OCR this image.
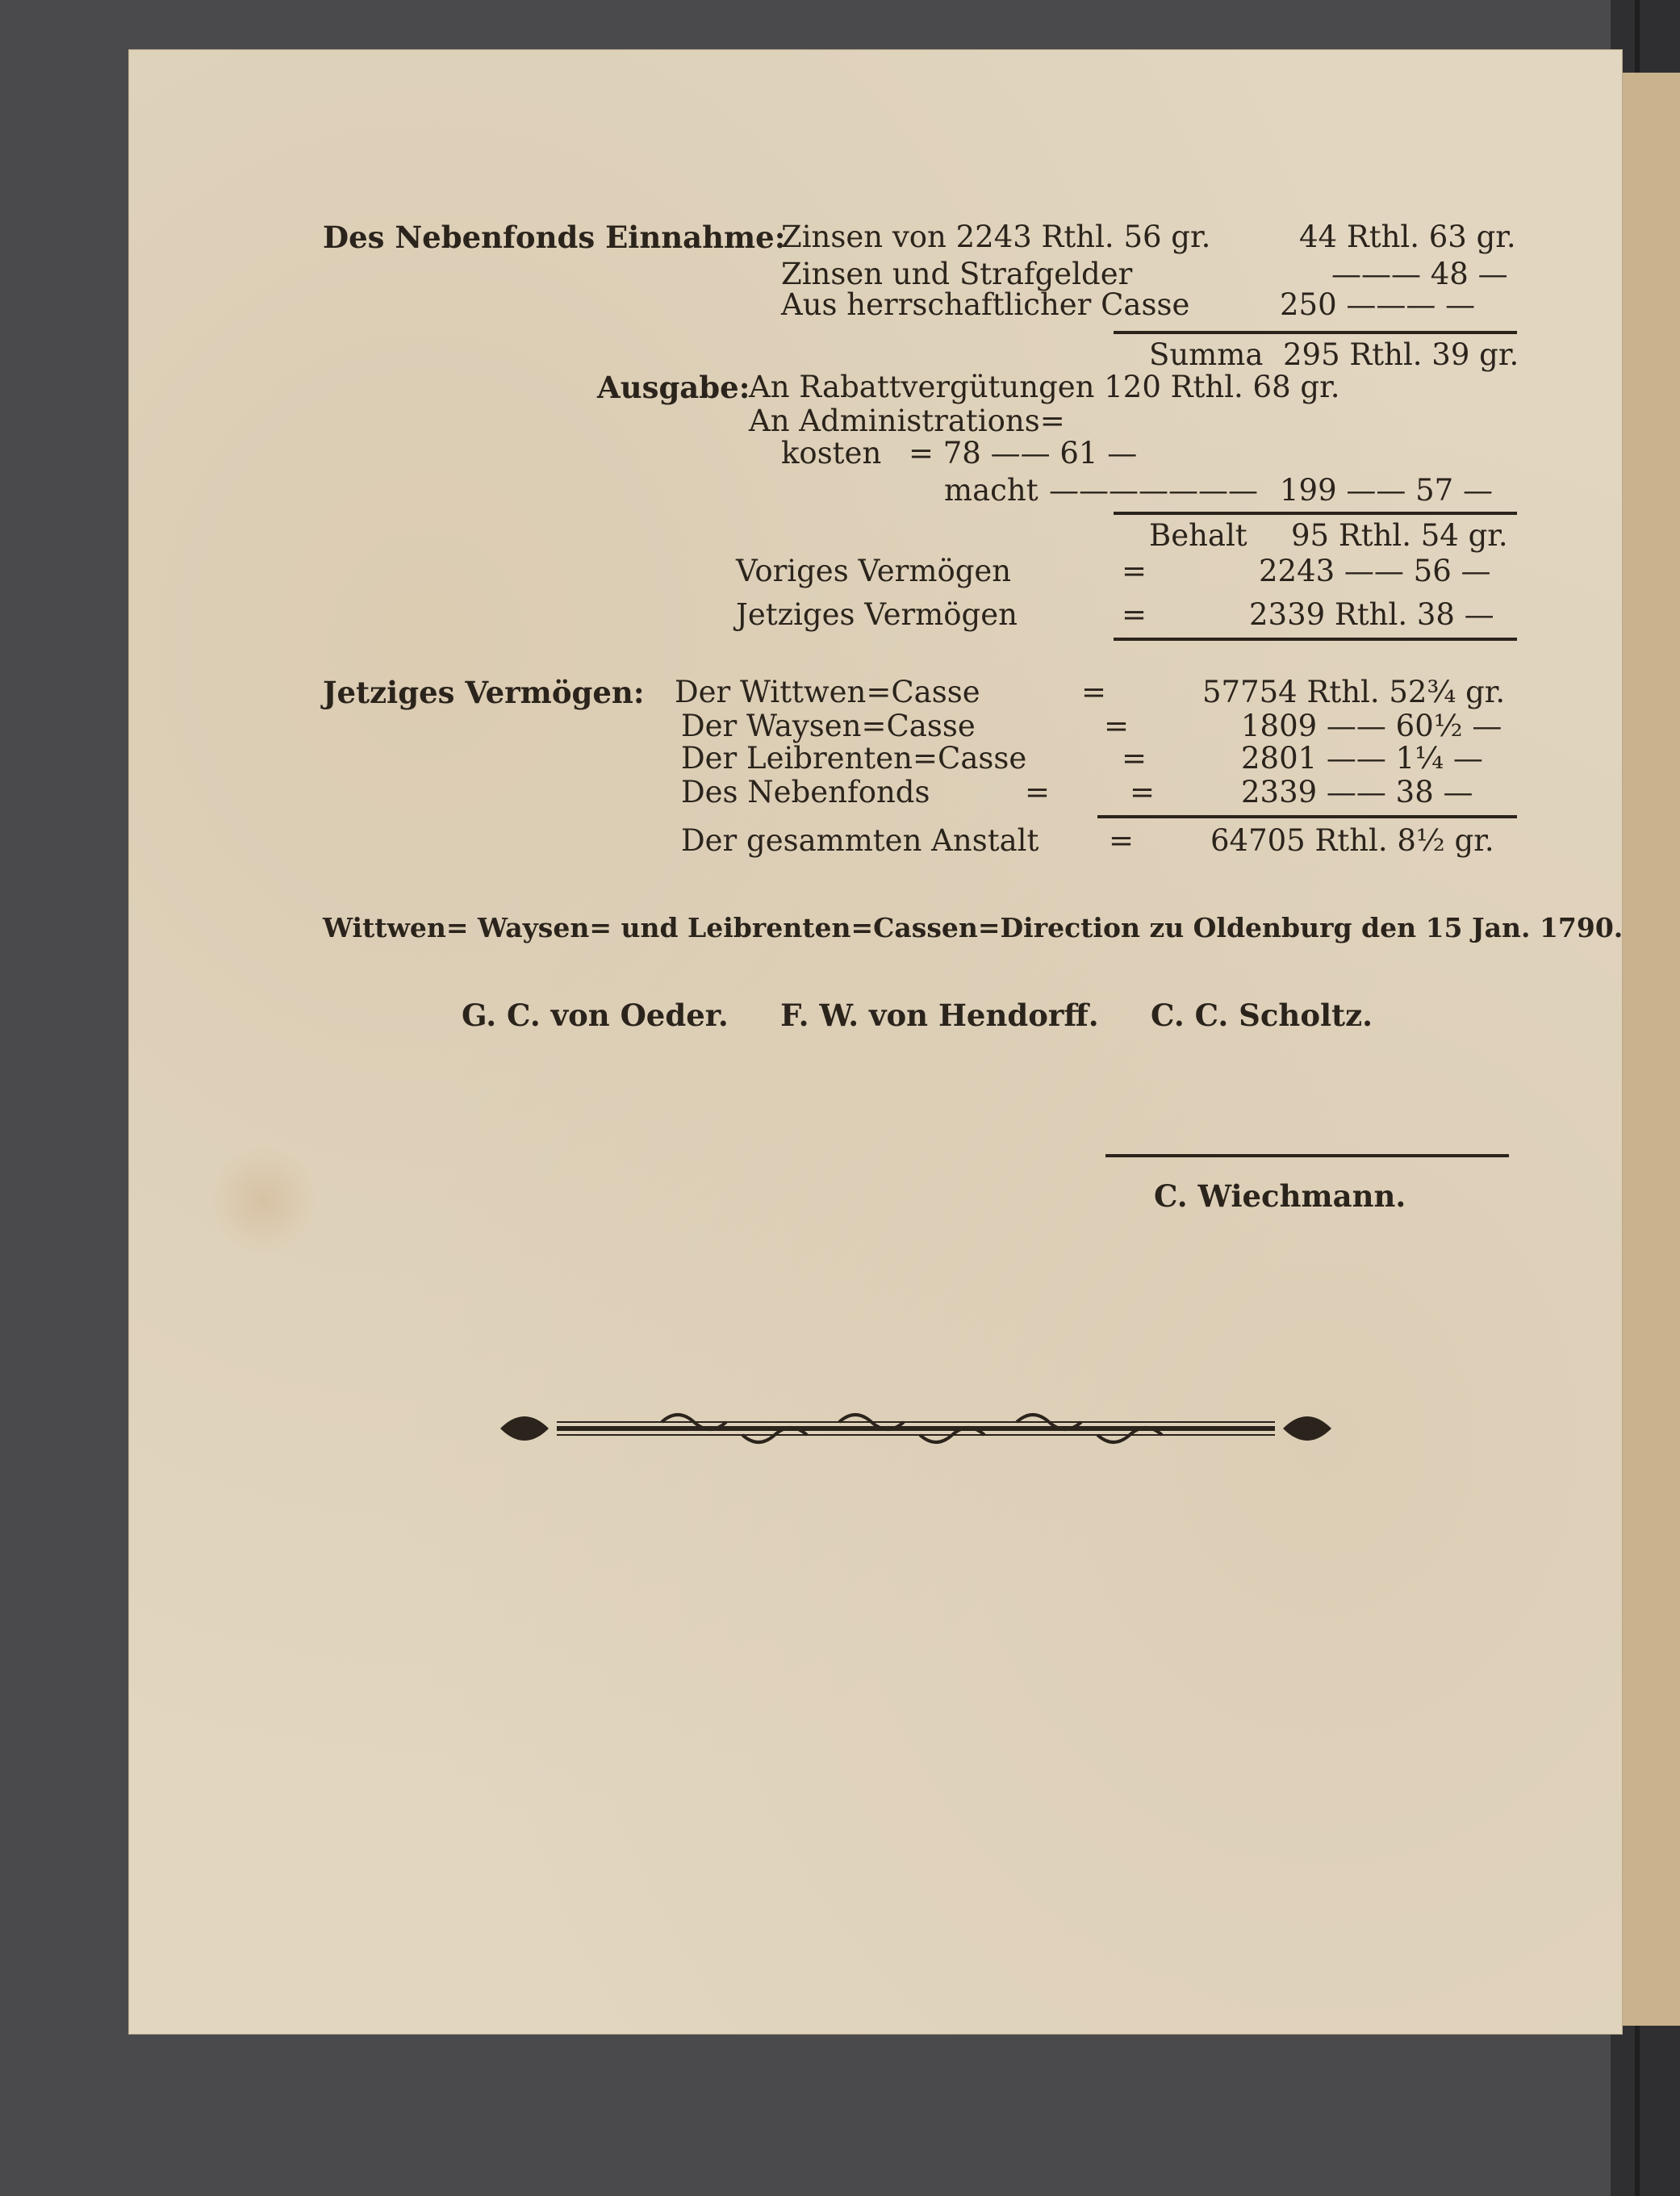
Des Nebenfonds Einnahme:
Zinsen von 2243 Rthl. 56 gr.	44 Rthl. 63 gr.
Zinsen und Strafgelder	——— 48 —
Aus herrschaftlicher Casse	250 ——— —
Summa 295 Rthl. 39 gr.
Ausgabe:
An Rabattvergütungen 120 Rthl. 68 gr.
An Administrations=
kosten = 78 —— 61 —
macht ——————— 199 —— 57 —
Behalt 95 Rthl. 54 gr.
Voriges Vermögen	=	2243 —— 56 —
Jetziges Vermögen	=	2339 Rthl. 38 —
Jetziges Vermögen: Der Wittwen=Casse	=	57754 Rthl. 52¾ gr.
Der Waysen=Casse	=	1809 —— 60½ —
Der Leibrenten=Casse	=	2801 —— 1¼ —
Des Nebenfonds	=	=	2339 —— 38 —
Der gesammten Anstalt =	64705 Rthl. 8½ gr.
Wittwen= Waysen= und Leibrenten=Cassen=Direction zu Oldenburg den 15 Jan. 1790.
G. C. von Oeder.     F. W. von Hendorff.     C. C. Scholtz.
C. Wiechmann.
